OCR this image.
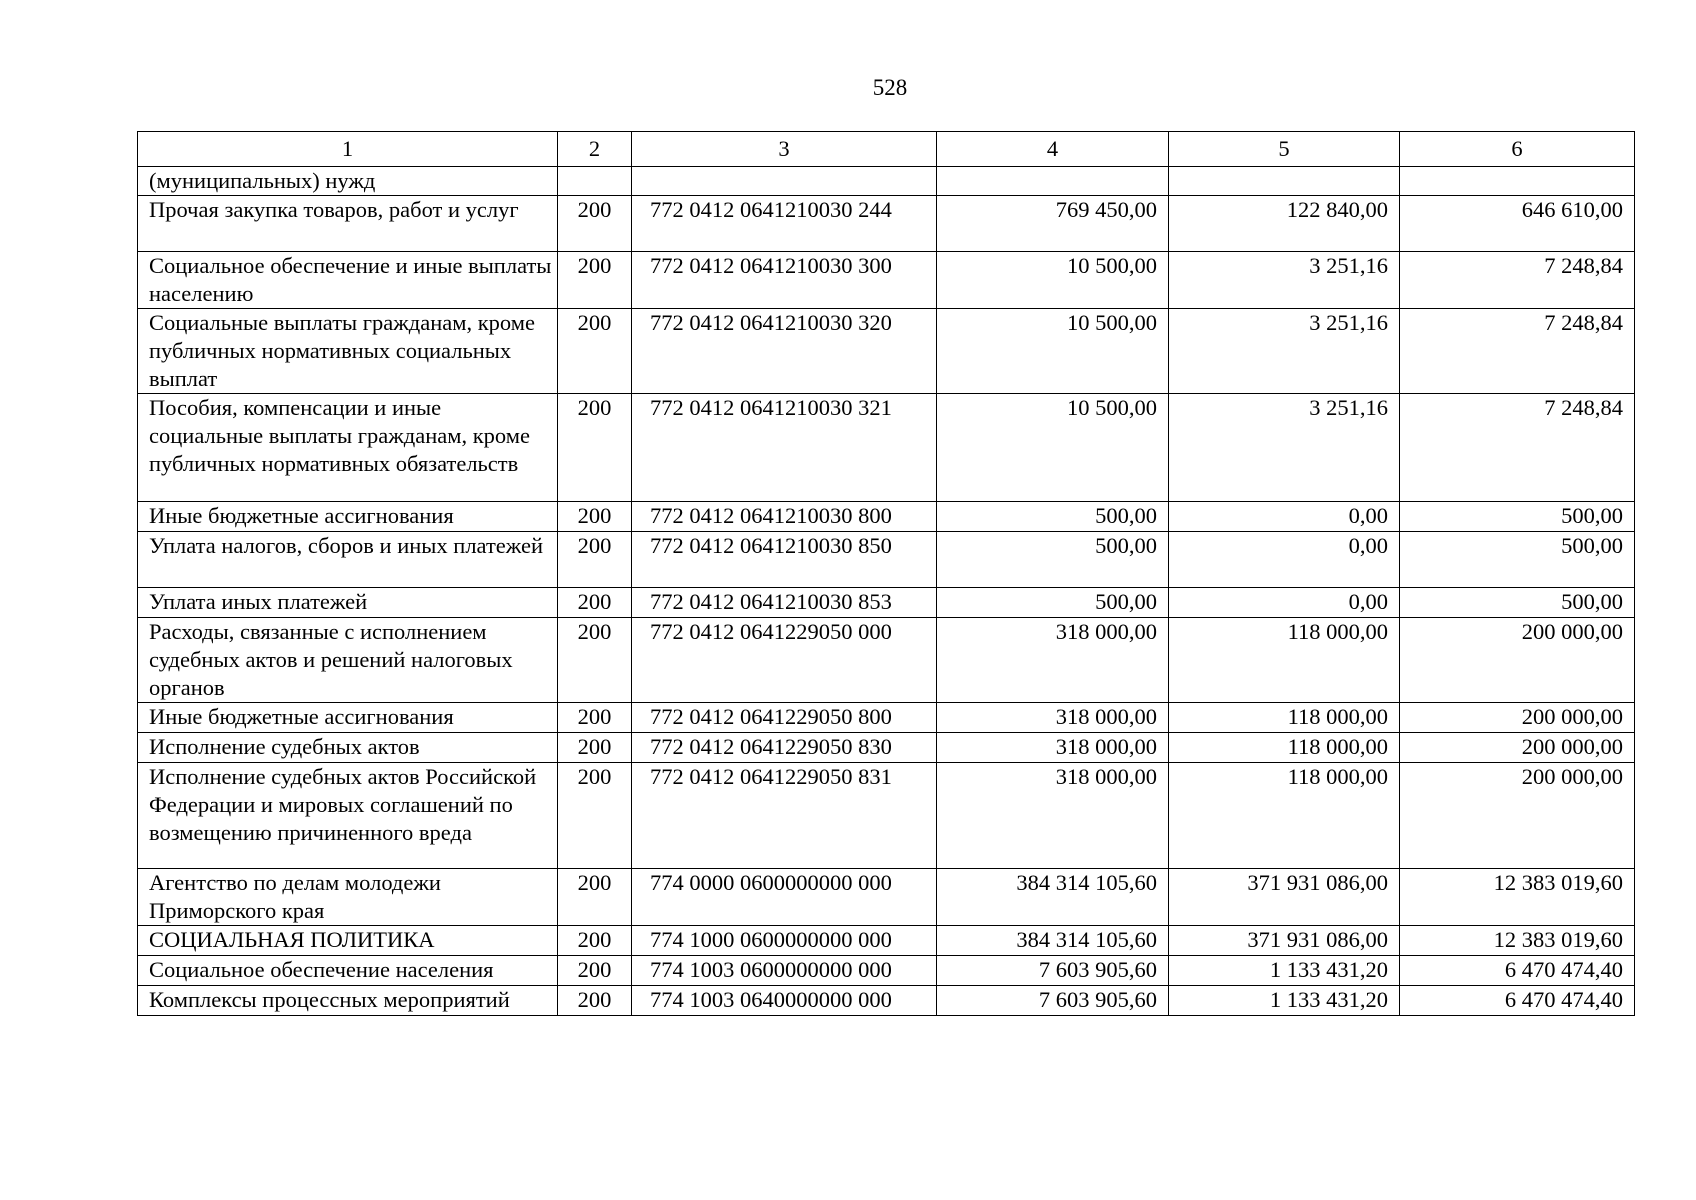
528
1	2	3	4	5	6
(муниципальных) нужд					
Прочая закупка товаров, работ и услуг	200	772 0412 0641210030 244	769 450,00	122 840,00	646 610,00
Социальное обеспечение и иные выплаты населению	200	772 0412 0641210030 300	10 500,00	3 251,16	7 248,84
Социальные выплаты гражданам, кроме публичных нормативных социальных выплат	200	772 0412 0641210030 320	10 500,00	3 251,16	7 248,84
Пособия, компенсации и иные социальные выплаты гражданам, кроме публичных нормативных обязательств	200	772 0412 0641210030 321	10 500,00	3 251,16	7 248,84
Иные бюджетные ассигнования	200	772 0412 0641210030 800	500,00	0,00	500,00
Уплата налогов, сборов и иных платежей	200	772 0412 0641210030 850	500,00	0,00	500,00
Уплата иных платежей	200	772 0412 0641210030 853	500,00	0,00	500,00
Расходы, связанные с исполнением судебных актов и решений налоговых органов	200	772 0412 0641229050 000	318 000,00	118 000,00	200 000,00
Иные бюджетные ассигнования	200	772 0412 0641229050 800	318 000,00	118 000,00	200 000,00
Исполнение судебных актов	200	772 0412 0641229050 830	318 000,00	118 000,00	200 000,00
Исполнение судебных актов Российской Федерации и мировых соглашений по возмещению причиненного вреда	200	772 0412 0641229050 831	318 000,00	118 000,00	200 000,00
Агентство по делам молодежи Приморского края	200	774 0000 0600000000 000	384 314 105,60	371 931 086,00	12 383 019,60
СОЦИАЛЬНАЯ ПОЛИТИКА	200	774 1000 0600000000 000	384 314 105,60	371 931 086,00	12 383 019,60
Социальное обеспечение населения	200	774 1003 0600000000 000	7 603 905,60	1 133 431,20	6 470 474,40
Комплексы процессных мероприятий	200	774 1003 0640000000 000	7 603 905,60	1 133 431,20	6 470 474,40
